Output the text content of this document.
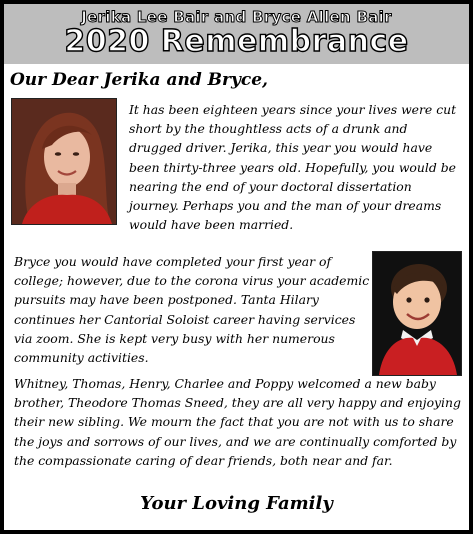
Jerika Lee Bair and Bryce Allen Bair
2020 Remembrance
Our Dear Jerika and Bryce,

It has been eighteen years since your lives were cut short by the thoughtless acts of a drunk and drugged driver. Jerika, this year you would have been thirty-three years old. Hopefully, you would be nearing the end of your doctoral dissertation journey. Perhaps you and the man of your dreams would have been married.

Bryce you would have completed your first year of college; however, due to the corona virus your academic pursuits may have been postponed. Tanta Hilary continues her Cantorial Soloist career having services via zoom. She is kept very busy with her numerous community activities.

Whitney, Thomas, Henry, Charlee and Poppy welcomed a new baby brother, Theodore Thomas Sneed, they are all very happy and enjoying their new sibling. We mourn the fact that you are not with us to share the joys and sorrows of our lives, and we are continually comforted by the compassionate caring of dear friends, both near and far.

Your Loving Family
